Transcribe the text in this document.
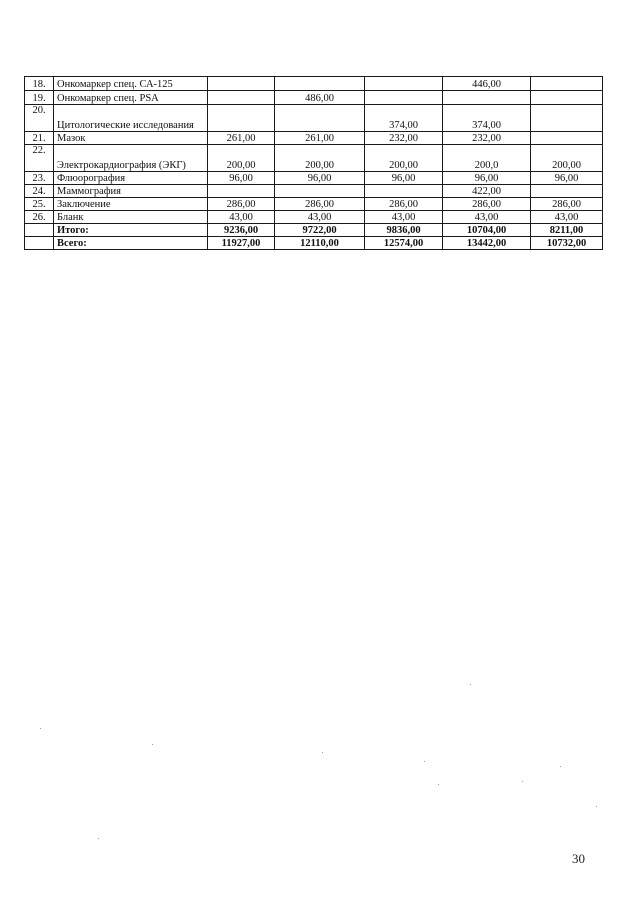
18.	Онкомаркер спец. СА-125				446,00	
19.	Онкомаркер спец. PSA		486,00			
20.	Цитологические исследования			374,00	374,00	
21.	Мазок	261,00	261,00	232,00	232,00	
22.	Электрокардиография (ЭКГ)	200,00	200,00	200,00	200,0	200,00
23.	Флюорография	96,00	96,00	96,00	96,00	96,00
24.	Маммография				422,00	
25.	Заключение	286,00	286,00	286,00	286,00	286,00
26.	Бланк	43,00	43,00	43,00	43,00	43,00
	Итого:	9236,00	9722,00	9836,00	10704,00	8211,00
	Всего:	11927,00	12110,00	12574,00	13442,00	10732,00
30
